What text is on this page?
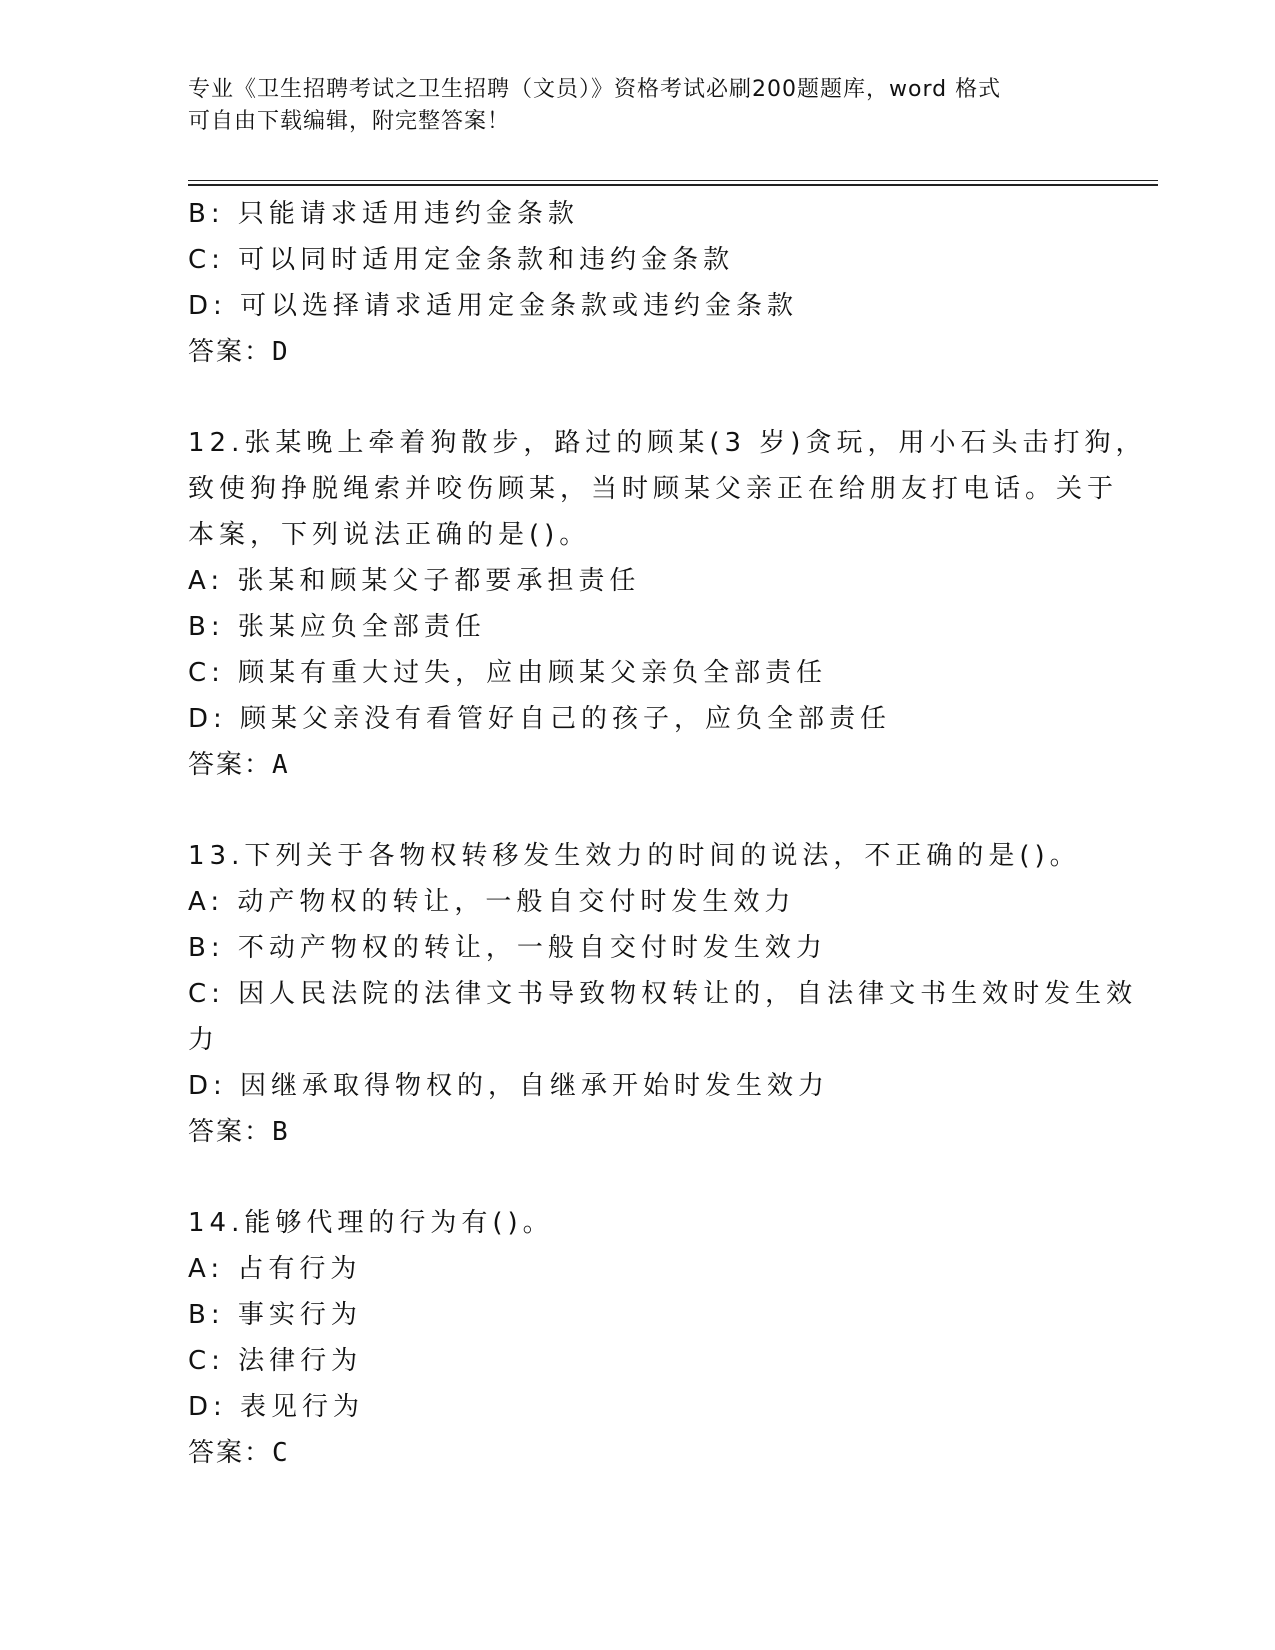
专业《卫生招聘考试之卫生招聘（文员）》资格考试必刷200题题库，word 格式
可自由下载编辑，附完整答案！
B: 只能请求适用违约金条款
C: 可以同时适用定金条款和违约金条款
D: 可以选择请求适用定金条款或违约金条款
答案：D
12.张某晚上牵着狗散步，路过的顾某(3 岁)贪玩，用小石头击打狗，
致使狗挣脱绳索并咬伤顾某，当时顾某父亲正在给朋友打电话。关于
本案，下列说法正确的是()。
A: 张某和顾某父子都要承担责任
B: 张某应负全部责任
C: 顾某有重大过失，应由顾某父亲负全部责任
D: 顾某父亲没有看管好自己的孩子，应负全部责任
答案：A
13.下列关于各物权转移发生效力的时间的说法，不正确的是()。
A: 动产物权的转让，一般自交付时发生效力
B: 不动产物权的转让，一般自交付时发生效力
C: 因人民法院的法律文书导致物权转让的，自法律文书生效时发生效
力
D: 因继承取得物权的，自继承开始时发生效力
答案：B
14.能够代理的行为有()。
A: 占有行为
B: 事实行为
C: 法律行为
D: 表见行为
答案：C
